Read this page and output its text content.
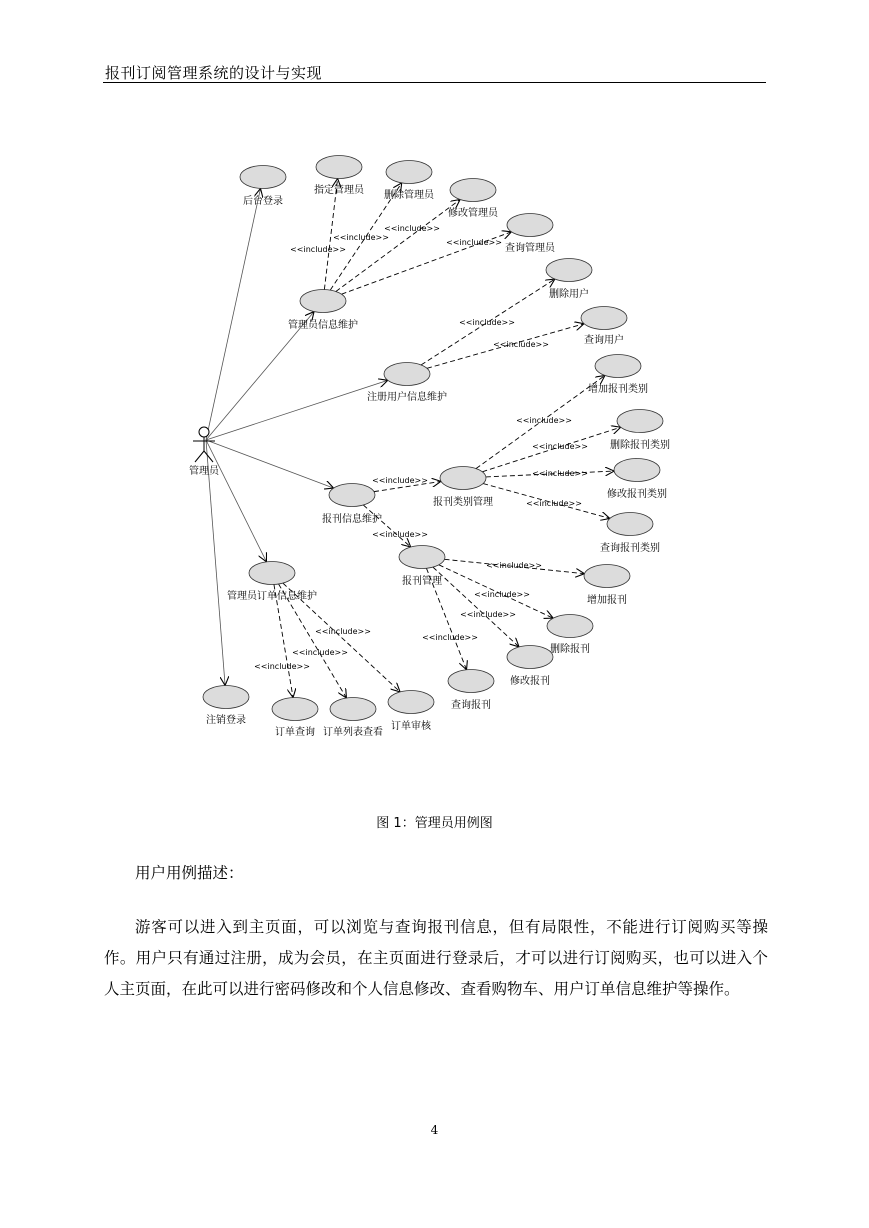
报刊订阅管理系统的设计与实现
<<include>>
<<include>>
<<include>>
<<include>>
<<include>>
<<include>>
<<include>>
<<include>>
<<include>>
<<include>>
<<include>>
<<include>>
<<include>>
<<include>>
<<include>>
<<include>>
<<include>>
<<include>>
<<include>>
后台登录
指定管理员 删除管理员
修改管理员
查询管理员
管理员信息维护
删除用户
查询用户
注册用户信息维护
增加报刊类别
删除报刊类别
修改报刊类别
查询报刊类别
报刊类别管理
报刊信息维护
报刊管理
增加报刊
删除报刊
修改报刊
查询报刊
管理员订单信息维护
注销登录
订单查询 订单列表查看
订单审核
管理员
图 1：管理员用例图

用户用例描述：

游客可以进入到主页面，可以浏览与查询报刊信息，但有局限性，不能进行订阅购买等操作。用户只有通过注册，成为会员，在主页面进行登录后，才可以进行订阅购买，也可以进入个人主页面，在此可以进行密码修改和个人信息修改、查看购物车、用户订单信息维护等操作。

4
